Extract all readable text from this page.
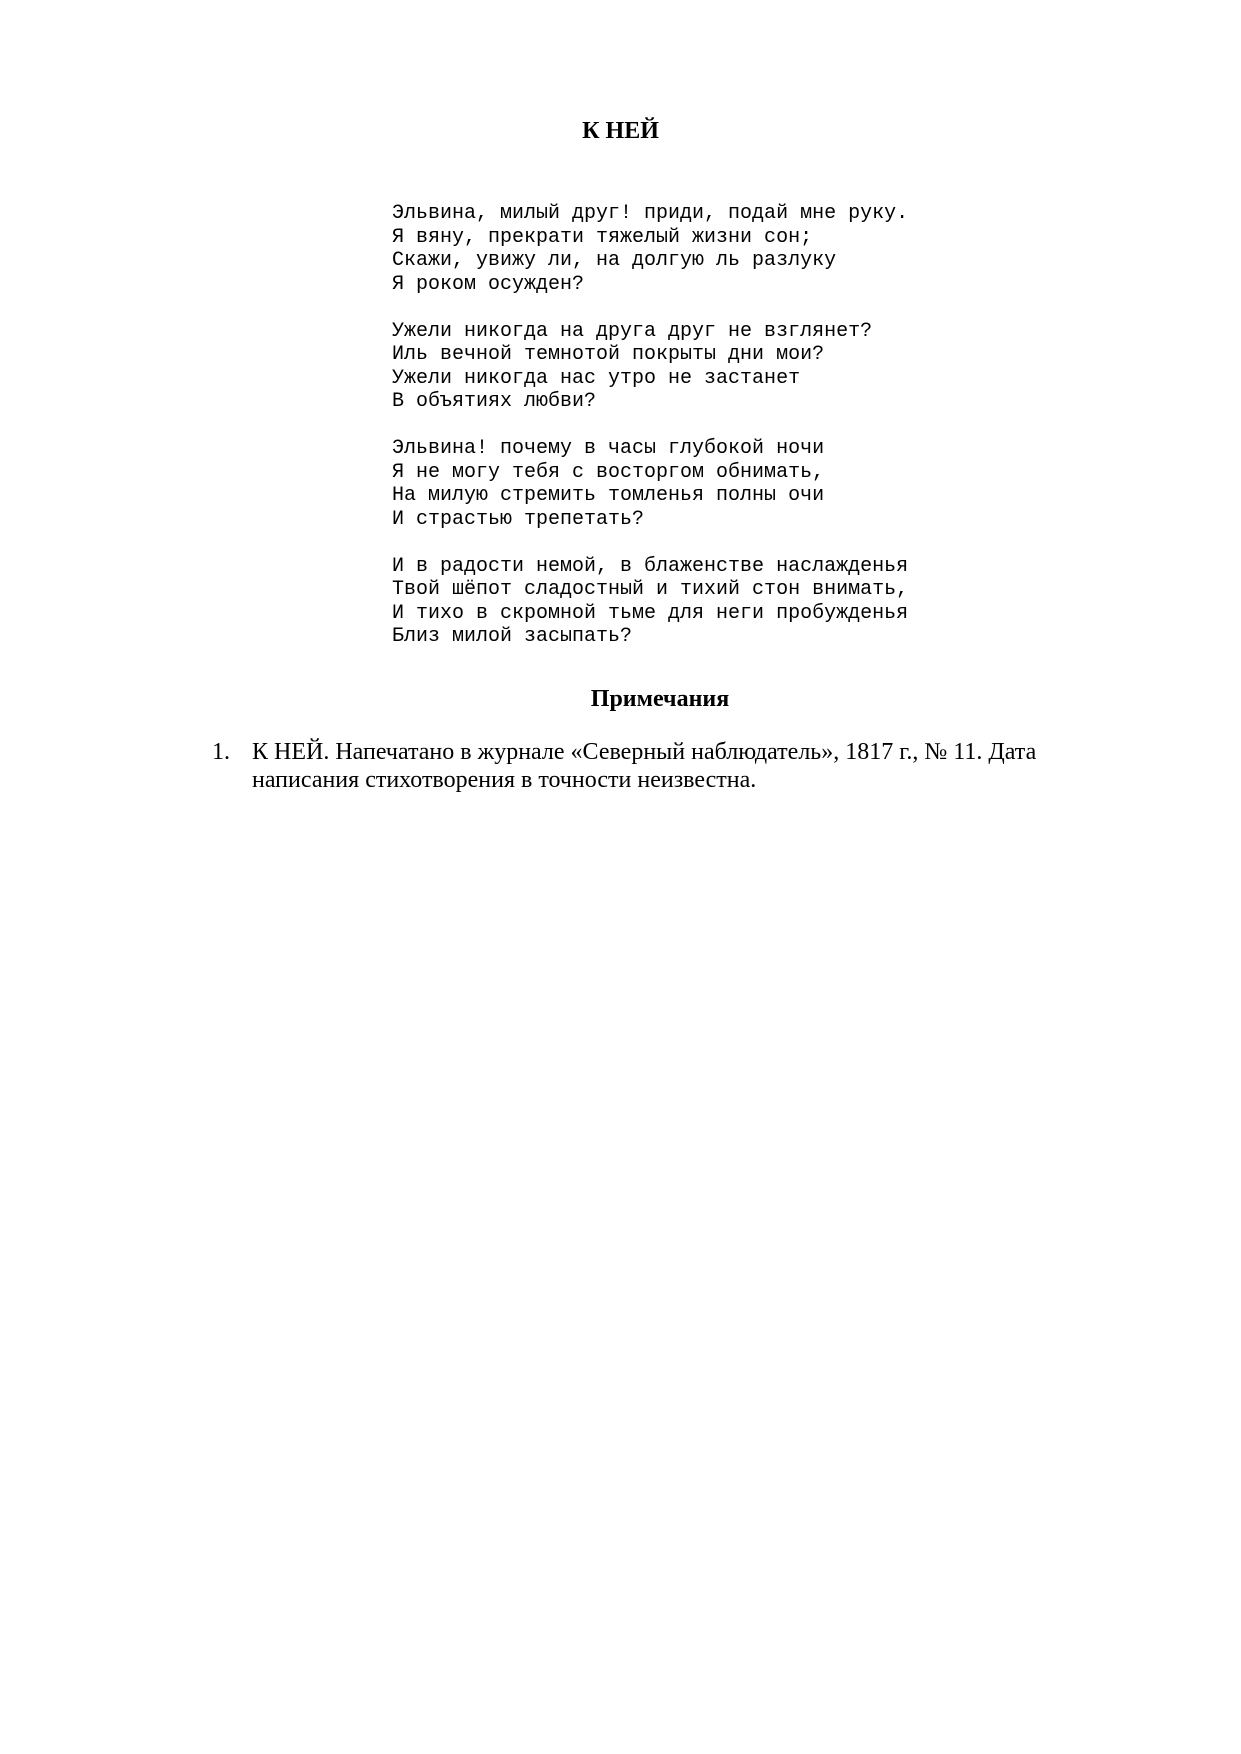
К НЕЙ
Эльвина, милый друг! приди, подай мне руку.
Я вяну, прекрати тяжелый жизни сон;
Скажи, увижу ли, на долгую ль разлуку
Я роком осужден?
Ужели никогда на друга друг не взглянет?
Иль вечной темнотой покрыты дни мои?
Ужели никогда нас утро не застанет
В объятиях любви?
Эльвина! почему в часы глубокой ночи
Я не могу тебя с восторгом обнимать,
На милую стремить томленья полны очи
И страстью трепетать?
И в радости немой, в блаженстве наслажденья
Твой шёпот сладостный и тихий стон внимать,
И тихо в скромной тьме для неги пробужденья
Близ милой засыпать?
Примечания
1. К НЕЙ. Напечатано в журнале «Северный наблюдатель», 1817 г., № 11. Дата написания стихотворения в точности неизвестна.
